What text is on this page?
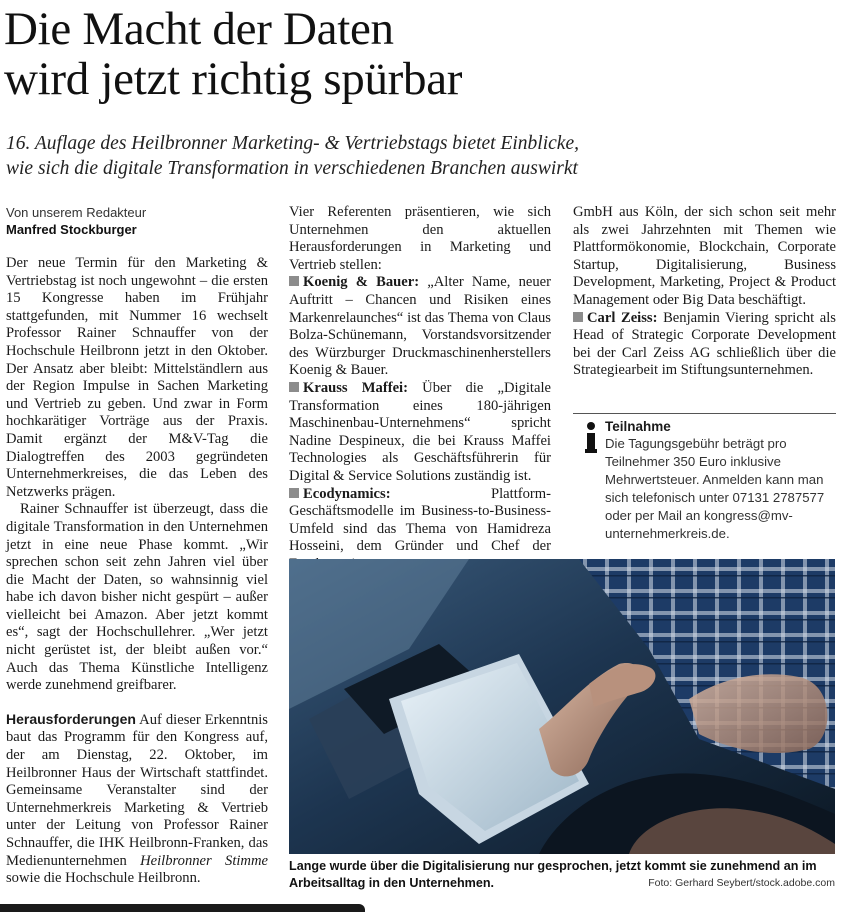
Die Macht der Daten
wird jetzt richtig spürbar
16. Auflage des Heilbronner Marketing- & Vertriebstags bietet Einblicke,
wie sich die digitale Transformation in verschiedenen Branchen auswirkt
Von unserem Redakteur
Manfred Stockburger

Der neue Termin für den Marketing & Vertriebstag ist noch ungewohnt – die ersten 15 Kongresse haben im Frühjahr stattgefunden, mit Nummer 16 wechselt Professor Rainer Schnauffer von der Hochschule Heilbronn jetzt in den Oktober. Der Ansatz aber bleibt: Mittelständlern aus der Region Impulse in Sachen Marketing und Vertrieb zu geben. Und zwar in Form hochkarätiger Vorträge aus der Praxis. Damit ergänzt der M&V-Tag die Dialogtreffen des 2003 gegründeten Unternehmerkreises, die das Leben des Netzwerks prägen.

Rainer Schnauffer ist überzeugt, dass die digitale Transformation in den Unternehmen jetzt in eine neue Phase kommt. „Wir sprechen schon seit zehn Jahren viel über die Macht der Daten, so wahnsinnig viel habe ich davon bisher nicht gespürt – außer vielleicht bei Amazon. Aber jetzt kommt es“, sagt der Hochschullehrer. „Wer jetzt nicht gerüstet ist, der bleibt außen vor.“ Auch das Thema Künstliche Intelligenz werde zunehmend greifbarer.

Herausforderungen Auf dieser Erkenntnis baut das Programm für den Kongress auf, der am Dienstag, 22. Oktober, im Heilbronner Haus der Wirtschaft stattfindet. Gemeinsame Veranstalter sind der Unternehmerkreis Marketing & Vertrieb unter der Leitung von Professor Rainer Schnauffer, die IHK Heilbronn-Franken, das Medienunternehmen Heilbronner Stimme sowie die Hochschule Heilbronn.

Vier Referenten präsentieren, wie sich Unternehmen den aktuellen Herausforderungen in Marketing und Vertrieb stellen:

Koenig & Bauer: „Alter Name, neuer Auftritt – Chancen und Risiken eines Markenrelaunches“ ist das Thema von Claus Bolza-Schünemann, Vorstandsvorsitzender des Würzburger Druckmaschinenherstellers Koenig & Bauer.

Krauss Maffei: Über die „Digitale Transformation eines 180-jährigen Maschinenbau-Unternehmens“ spricht Nadine Despineux, die bei Krauss Maffei Technologies als Geschäftsführerin für Digital & Service Solutions zuständig ist.

Ecodynamics:	Plattform-Geschäftsmodelle im Business-to-Business-Umfeld sind das Thema von Hamidreza Hosseini, dem Gründer und Chef der

GmbH aus Köln, der sich schon seit mehr als zwei Jahrzehnten mit Themen wie Plattformökonomie, Blockchain, Corporate Startup, Digitalisierung, Business Development, Marketing, Project & Product Management oder Big Data beschäftigt.

Carl Zeiss: Benjamin Viering spricht als Head of Strategic Corporate Development bei der Carl Zeiss AG schließlich über die Strategiearbeit im Stiftungsunternehmen.

Teilnahme
Die Tagungsgebühr beträgt pro Teilnehmer 350 Euro inklusive Mehrwertsteuer. Anmelden kann man sich telefonisch unter 07131 2787577 oder per Mail an kongress@mv-unternehmerkreis.de.
Lange wurde über die Digitalisierung nur gesprochen, jetzt kommt sie zunehmend an im Arbeitsalltag in den Unternehmen.	Foto: Gerhard Seybert/stock.adobe.com
